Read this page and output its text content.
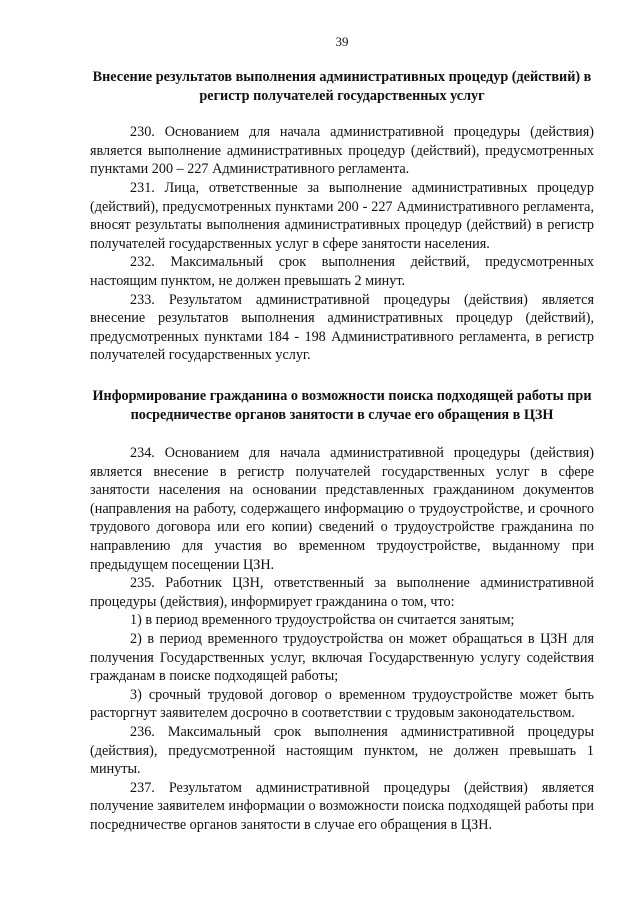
39
Внесение результатов выполнения административных процедур (действий) в регистр получателей государственных услуг

230. Основанием для начала административной процедуры (действия) является выполнение административных процедур (действий), предусмотренных пунктами 200 – 227 Административного регламента.

231. Лица, ответственные за выполнение административных процедур (действий), предусмотренных пунктами 200 - 227 Административного регламента, вносят результаты выполнения административных процедур (действий) в регистр получателей государственных услуг в сфере занятости населения.

232. Максимальный срок выполнения действий, предусмотренных настоящим пунктом, не должен превышать 2 минут.

233. Результатом административной процедуры (действия) является внесение результатов выполнения административных процедур (действий), предусмотренных пунктами 184 - 198 Административного регламента, в регистр получателей государственных услуг.

Информирование гражданина о возможности поиска подходящей работы при посредничестве органов занятости в случае его обращения в ЦЗН

234. Основанием для начала административной процедуры (действия) является внесение в регистр получателей государственных услуг в сфере занятости населения на основании представленных гражданином документов (направления на работу, содержащего информацию о трудоустройстве, и срочного трудового договора или его копии) сведений о трудоустройстве гражданина по направлению для участия во временном трудоустройстве, выданному при предыдущем посещении ЦЗН.

235. Работник ЦЗН, ответственный за выполнение административной процедуры (действия), информирует гражданина о том, что:

1) в период временного трудоустройства он считается занятым;

2) в период временного трудоустройства он может обращаться в ЦЗН для получения Государственных услуг, включая Государственную услугу содействия гражданам в поиске подходящей работы;

3) срочный трудовой договор о временном трудоустройстве может быть расторгнут заявителем досрочно в соответствии с трудовым законодательством.

236. Максимальный срок выполнения административной процедуры (действия), предусмотренной настоящим пунктом, не должен превышать 1 минуты.

237. Результатом административной процедуры (действия) является получение заявителем информации о возможности поиска подходящей работы при посредничестве органов занятости в случае его обращения в ЦЗН.
